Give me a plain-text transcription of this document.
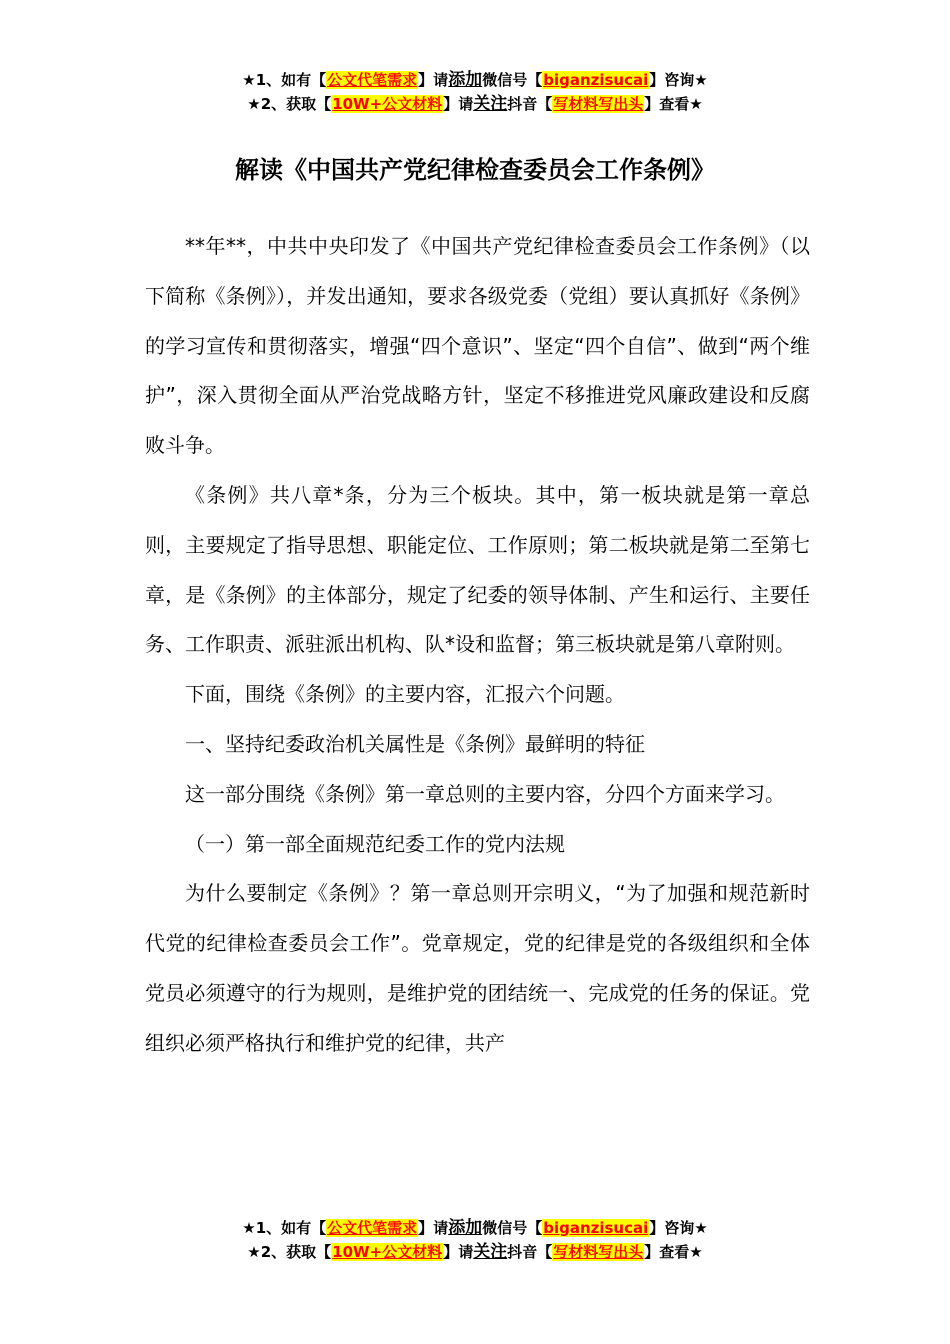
★1、如有【公文代笔需求】请添加微信号【biganzisucai】咨询★
★2、获取【10W+公文材料】请关注抖音【写材料写出头】查看★
解读《中国共产党纪律检查委员会工作条例》

**年**，中共中央印发了《中国共产党纪律检查委员会工作条例》（以下简称《条例》），并发出通知，要求各级党委（党组）要认真抓好《条例》的学习宣传和贯彻落实，增强“四个意识”、坚定“四个自信”、做到“两个维护”，深入贯彻全面从严治党战略方针，坚定不移推进党风廉政建设和反腐败斗争。

《条例》共八章*条，分为三个板块。其中，第一板块就是第一章总则，主要规定了指导思想、职能定位、工作原则；第二板块就是第二至第七章，是《条例》的主体部分，规定了纪委的领导体制、产生和运行、主要任务、工作职责、派驻派出机构、队*设和监督；第三板块就是第八章附则。

下面，围绕《条例》的主要内容，汇报六个问题。

一、坚持纪委政治机关属性是《条例》最鲜明的特征

这一部分围绕《条例》第一章总则的主要内容，分四个方面来学习。

（一）第一部全面规范纪委工作的党内法规

为什么要制定《条例》？第一章总则开宗明义，“为了加强和规范新时代党的纪律检查委员会工作”。党章规定，党的纪律是党的各级组织和全体党员必须遵守的行为规则，是维护党的团结统一、完成党的任务的保证。党组织必须严格执行和维护党的纪律，共产

★1、如有【公文代笔需求】请添加微信号【biganzisucai】咨询★
★2、获取【10W+公文材料】请关注抖音【写材料写出头】查看★
